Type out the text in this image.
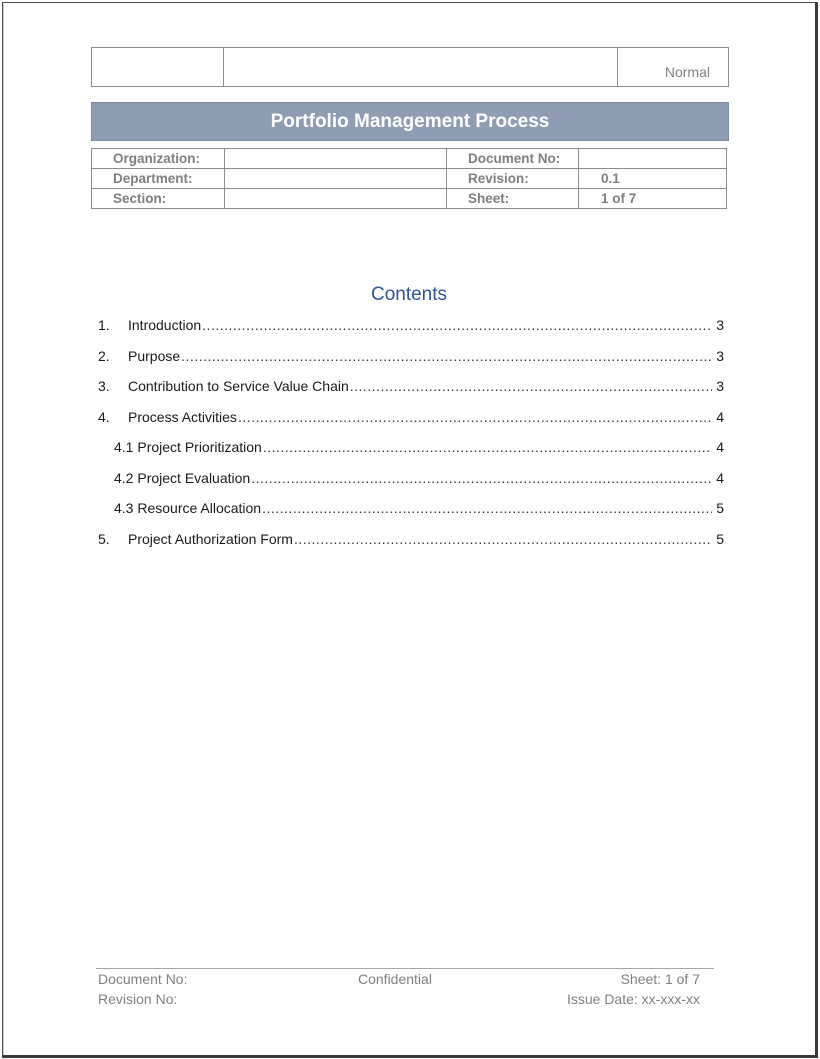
Normal
Portfolio Management Process
Organization:		Document No:	
Department:		Revision:	0.1
Section:		Sheet:	1 of 7
Contents
1.	Introduction .....	3
2.	Purpose .....	3
3.	Contribution to Service Value Chain .....	3
4.	Process Activities .....	4
4.1 Project Prioritization .....	4
4.2 Project Evaluation .....	4
4.3 Resource Allocation .....	5
5.	Project Authorization Form .....	5
Document No:	Confidential	Sheet: 1 of 7
Revision No:	Issue Date: xx-xxx-xx
